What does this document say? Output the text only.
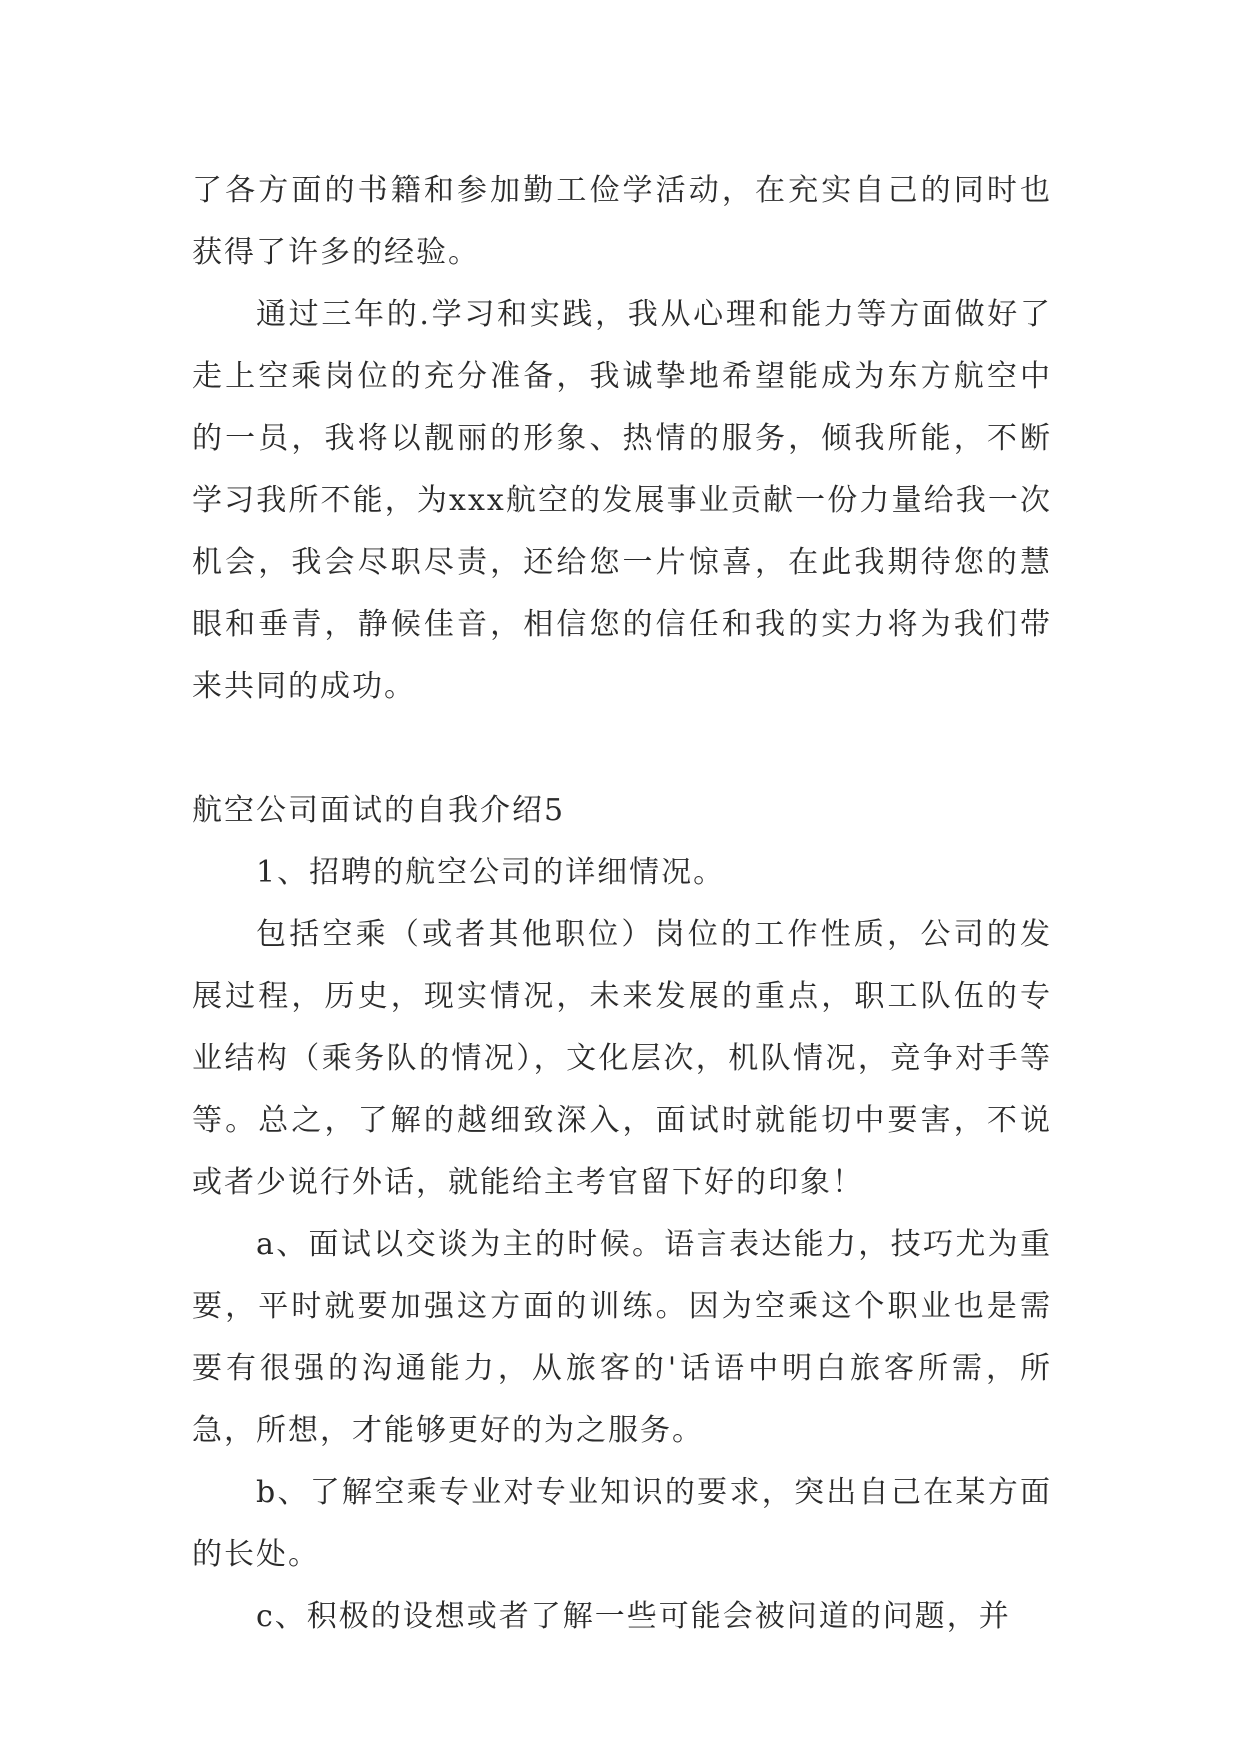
了各方面的书籍和参加勤工俭学活动，在充实自己的同时也获得了许多的经验。

通过三年的.学习和实践，我从心理和能力等方面做好了走上空乘岗位的充分准备，我诚挚地希望能成为东方航空中的一员，我将以靓丽的形象、热情的服务，倾我所能，不断学习我所不能，为xxx航空的发展事业贡献一份力量给我一次机会，我会尽职尽责，还给您一片惊喜，在此我期待您的慧眼和垂青，静候佳音，相信您的信任和我的实力将为我们带来共同的成功。

航空公司面试的自我介绍5

1、招聘的航空公司的详细情况。

包括空乘（或者其他职位）岗位的工作性质，公司的发展过程，历史，现实情况，未来发展的重点，职工队伍的专业结构（乘务队的情况），文化层次，机队情况，竞争对手等等。总之，了解的越细致深入，面试时就能切中要害，不说或者少说行外话，就能给主考官留下好的印象！

a、面试以交谈为主的时候。语言表达能力，技巧尤为重要，平时就要加强这方面的训练。因为空乘这个职业也是需要有很强的沟通能力，从旅客的'话语中明白旅客所需，所急，所想，才能够更好的为之服务。

b、了解空乘专业对专业知识的要求，突出自己在某方面的长处。

c、积极的设想或者了解一些可能会被问道的问题，并
